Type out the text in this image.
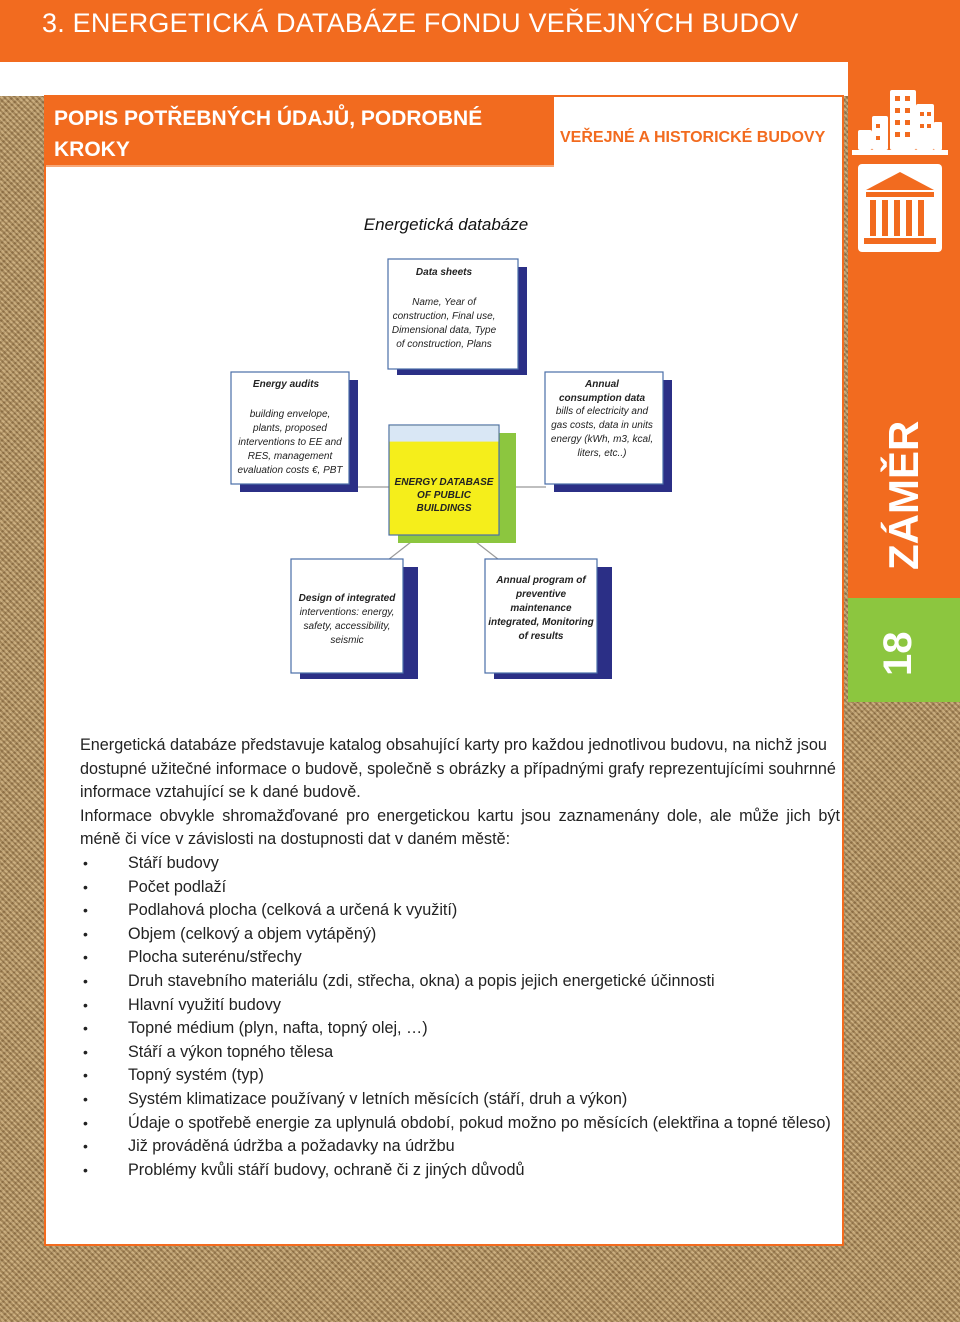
3. ENERGETICKÁ DATABÁZE FONDU VEŘEJNÝCH BUDOV
ZÁMĚR
18
POPIS POTŘEBNÝCH ÚDAJŮ, PODROBNÉ KROKY
VEŘEJNÉ A HISTORICKÉ BUDOVY
Energetická databáze
Data sheets
Name, Year of
construction, Final use,
Dimensional data, Type
of construction, Plans
Energy audits
building envelope,
plants, proposed
interventions to EE and
RES, management
evaluation costs €, PBT
Annual
consumption data
bills of electricity and
gas costs, data in units
energy (kWh, m3, kcal,
liters, etc..)
ENERGY DATABASE
OF PUBLIC
BUILDINGS
Design of integrated
interventions: energy,
safety, accessibility,
seismic
Annual program of
preventive
maintenance
integrated, Monitoring
of results

Energetická databáze představuje katalog obsahující karty pro každou jednotlivou budovu, na nichž jsou dostupné užitečné informace o budově, společně s obrázky a případnými grafy reprezentujícími souhrnné informace vztahující se k dané budově.

Informace obvykle shromažďované pro energetickou kartu jsou zaznamenány dole, ale může jich být méně či více v závislosti na dostupnosti dat v daném městě:

• Stáří budovy
• Počet podlaží
• Podlahová plocha (celková a určená k využití)
• Objem (celkový a objem vytápěný)
• Plocha suterénu/střechy
• Druh stavebního materiálu (zdi, střecha, okna) a popis jejich energetické účinnosti
• Hlavní využití budovy
• Topné médium (plyn, nafta, topný olej, …)
• Stáří a výkon topného tělesa
• Topný systém (typ)
• Systém klimatizace používaný v letních měsících (stáří, druh a výkon)
• Údaje o spotřebě energie za uplynulá období, pokud možno po měsících (elektřina a topné těleso)
• Již prováděná údržba a požadavky na údržbu
• Problémy kvůli stáří budovy, ochraně či z jiných důvodů
